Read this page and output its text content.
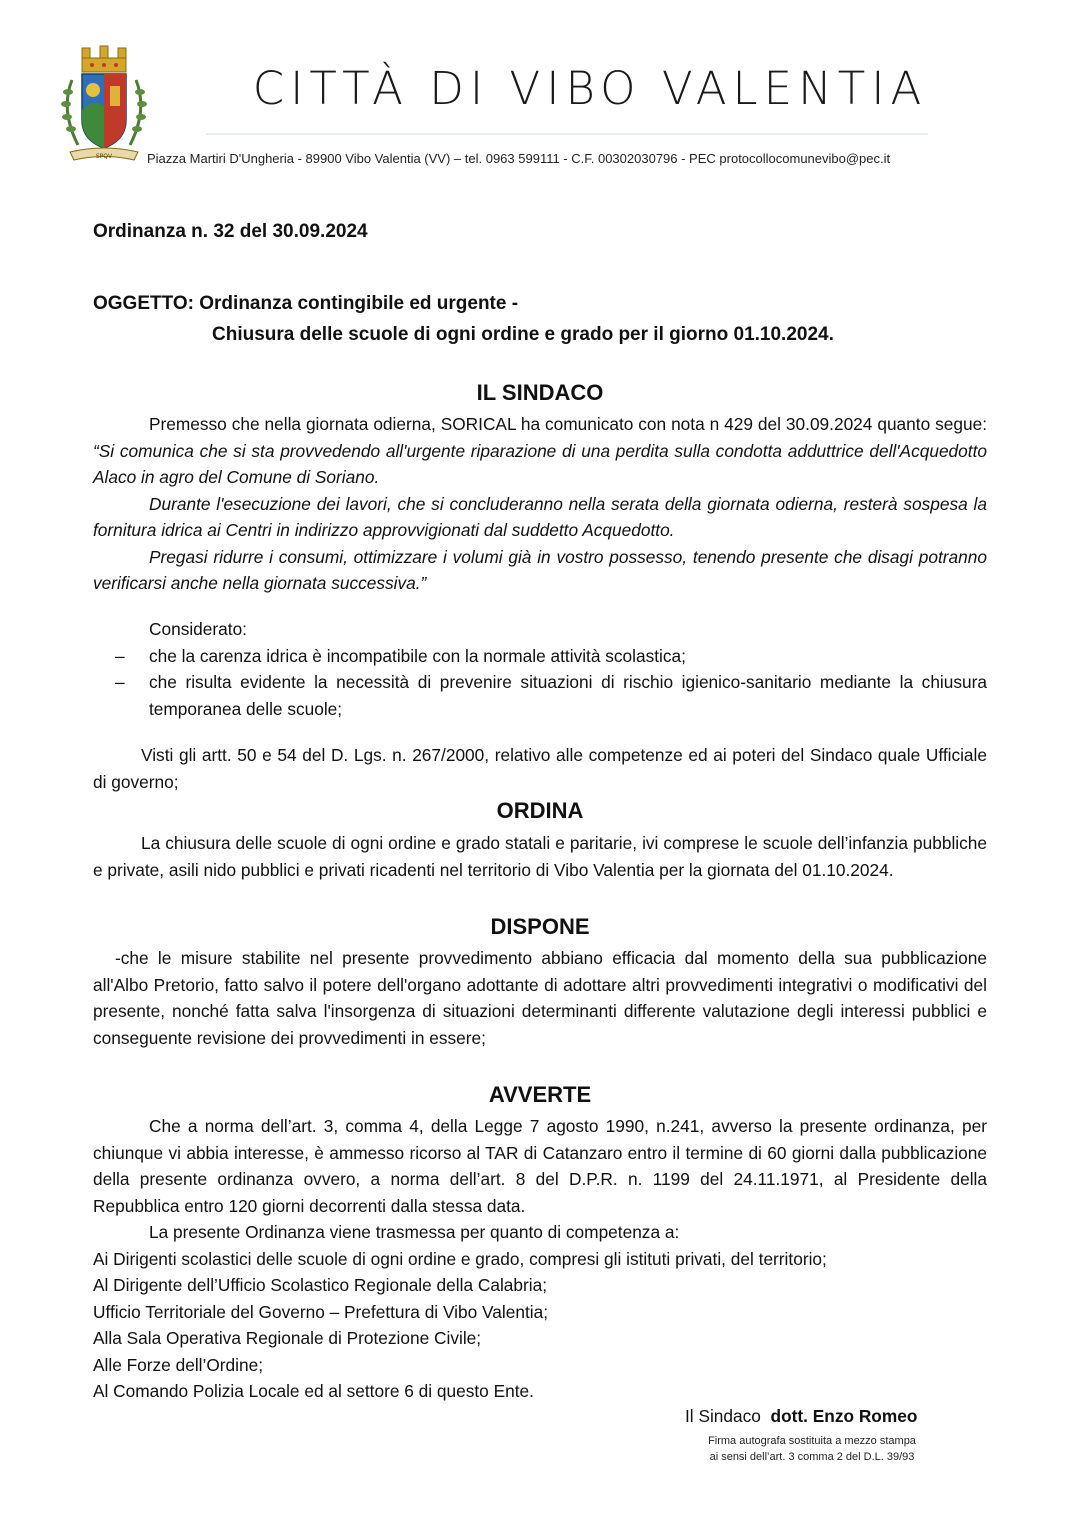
SPQV
CITTÀ DI VIBO VALENTIA
Piazza Martiri D'Ungheria - 89900 Vibo Valentia (VV) – tel. 0963 599111 - C.F. 00302030796 - PEC protocollocomunevibo@pec.it
Ordinanza n. 32 del 30.09.2024
OGGETTO: Ordinanza contingibile ed urgente -
Chiusura delle scuole di ogni ordine e grado per il giorno 01.10.2024.
IL SINDACO

Premesso che nella giornata odierna, SORICAL ha comunicato con nota n 429 del 30.09.2024 quanto segue: “Si comunica che si sta provvedendo all'urgente riparazione di una perdita sulla condotta adduttrice dell'Acquedotto Alaco in agro del Comune di Soriano.

Durante l'esecuzione dei lavori, che si concluderanno nella serata della giornata odierna, resterà sospesa la fornitura idrica ai Centri in indirizzo approvvigionati dal suddetto Acquedotto.

Pregasi ridurre i consumi, ottimizzare i volumi già in vostro possesso, tenendo presente che disagi potranno verificarsi anche nella giornata successiva.”

Considerato:

– che la carenza idrica è incompatibile con la normale attività scolastica;

– che risulta evidente la necessità di prevenire situazioni di rischio igienico-sanitario mediante la chiusura temporanea delle scuole;

Visti gli artt. 50 e 54 del D. Lgs. n. 267/2000, relativo alle competenze ed ai poteri del Sindaco quale Ufficiale di governo;

ORDINA

La chiusura delle scuole di ogni ordine e grado statali e paritarie, ivi comprese le scuole dell’infanzia pubbliche e private, asili nido pubblici e privati ricadenti nel territorio di Vibo Valentia per la giornata del 01.10.2024.

DISPONE

-che le misure stabilite nel presente provvedimento abbiano efficacia dal momento della sua pubblicazione all'Albo Pretorio, fatto salvo il potere dell'organo adottante di adottare altri provvedimenti integrativi o modificativi del presente, nonché fatta salva l'insorgenza di situazioni determinanti differente valutazione degli interessi pubblici e conseguente revisione dei provvedimenti in essere;

AVVERTE

Che a norma dell’art. 3, comma 4, della Legge 7 agosto 1990, n.241, avverso la presente ordinanza, per chiunque vi abbia interesse, è ammesso ricorso al TAR di Catanzaro entro il termine di 60 giorni dalla pubblicazione della presente ordinanza ovvero, a norma dell’art. 8 del D.P.R. n. 1199 del 24.11.1971, al Presidente della Repubblica entro 120 giorni decorrenti dalla stessa data.

La presente Ordinanza viene trasmessa per quanto di competenza a:

Ai Dirigenti scolastici delle scuole di ogni ordine e grado, compresi gli istituti privati, del territorio;

Al Dirigente dell’Ufficio Scolastico Regionale della Calabria;

Ufficio Territoriale del Governo – Prefettura di Vibo Valentia;

Alla Sala Operativa Regionale di Protezione Civile;

Alle Forze dell’Ordine;

Al Comando Polizia Locale ed al settore 6 di questo Ente.

Il Sindaco dott. Enzo Romeo
Firma autografa sostituita a mezzo stampa
ai sensi dell’art. 3 comma 2 del D.L. 39/93
